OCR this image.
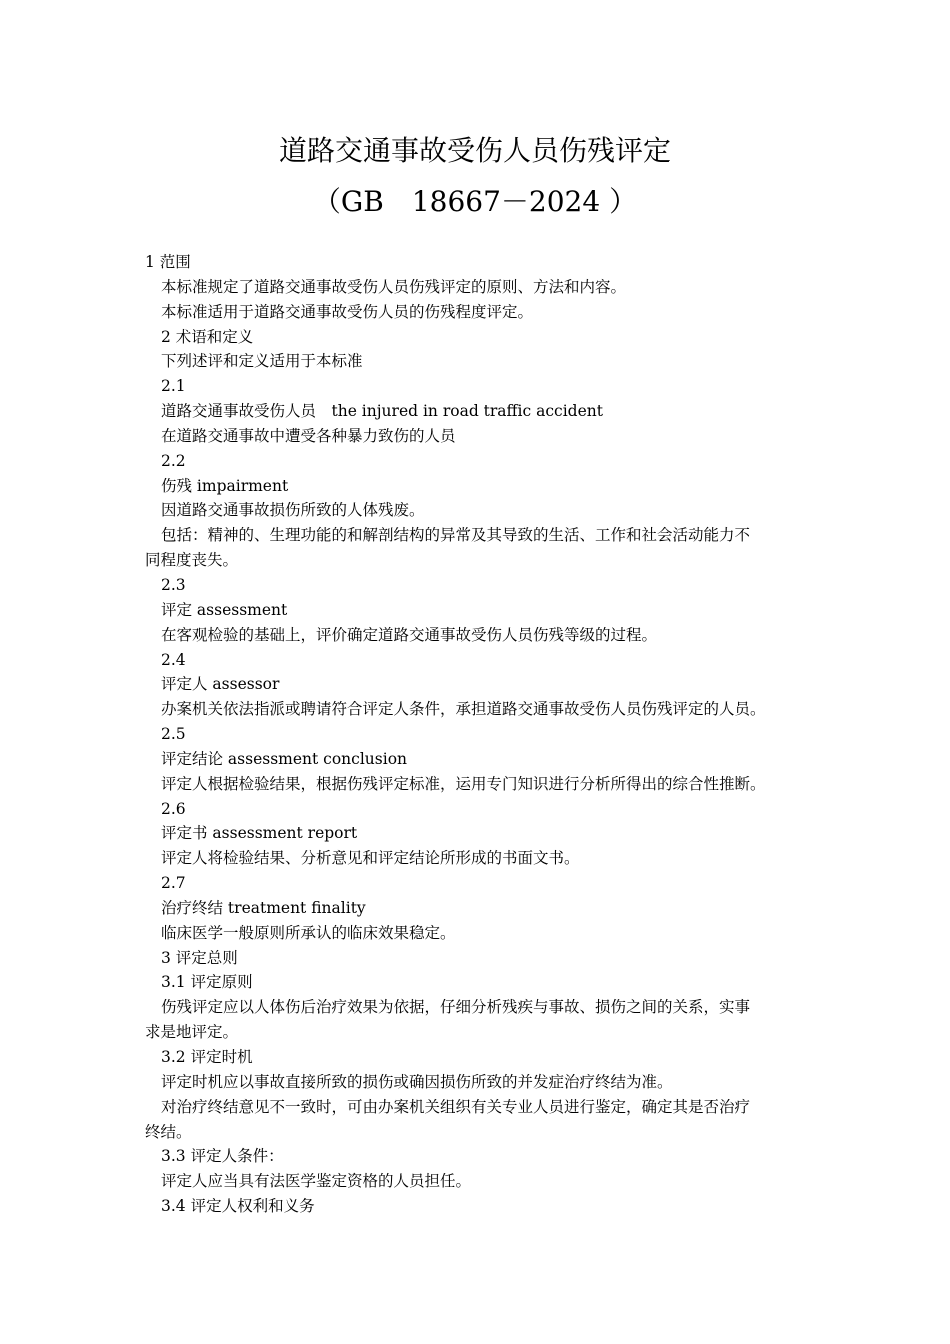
道路交通事故受伤人员伤残评定
（GB　18667－2024 ）
1 范围
本标准规定了道路交通事故受伤人员伤残评定的原则、方法和内容。
本标准适用于道路交通事故受伤人员的伤残程度评定。
2 术语和定义
下列述评和定义适用于本标准
2.1
道路交通事故受伤人员　the injured in road traffic accident
在道路交通事故中遭受各种暴力致伤的人员
2.2
伤残 impairment
因道路交通事故损伤所致的人体残废。
包括：精神的、生理功能的和解剖结构的异常及其导致的生活、工作和社会活动能力不
同程度丧失。
2.3
评定 assessment
在客观检验的基础上，评价确定道路交通事故受伤人员伤残等级的过程。
2.4
评定人 assessor
办案机关依法指派或聘请符合评定人条件，承担道路交通事故受伤人员伤残评定的人员。
2.5
评定结论 assessment conclusion
评定人根据检验结果，根据伤残评定标准，运用专门知识进行分析所得出的综合性推断。
2.6
评定书 assessment report
评定人将检验结果、分析意见和评定结论所形成的书面文书。
2.7
治疗终结 treatment finality
临床医学一般原则所承认的临床效果稳定。
3 评定总则
3.1 评定原则
伤残评定应以人体伤后治疗效果为依据，仔细分析残疾与事故、损伤之间的关系，实事
求是地评定。
3.2 评定时机
评定时机应以事故直接所致的损伤或确因损伤所致的并发症治疗终结为准。
对治疗终结意见不一致时，可由办案机关组织有关专业人员进行鉴定，确定其是否治疗
终结。
3.3 评定人条件：
评定人应当具有法医学鉴定资格的人员担任。
3.4 评定人权利和义务
